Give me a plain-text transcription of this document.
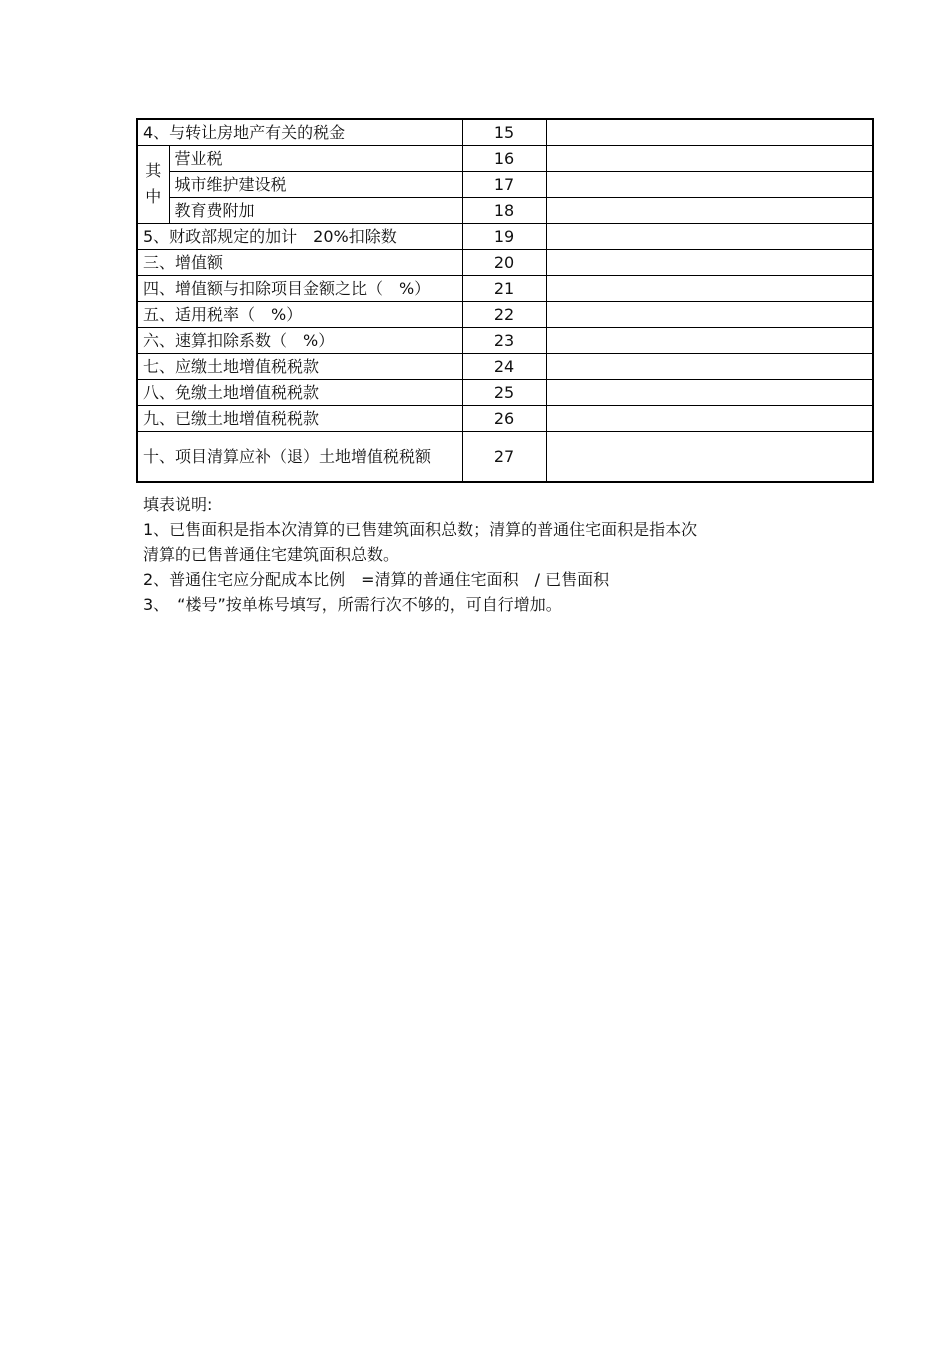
4、与转让房地产有关的税金		15	
其中	营业税	16	
	城市维护建设税	17	
	教育费附加	18	
5、财政部规定的加计　20%扣除数		19	
三、增值额		20	
四、增值额与扣除项目金额之比（　%）		21	
五、适用税率（　%）		22	
六、速算扣除系数（　%）		23	
七、应缴土地增值税税款		24	
八、免缴土地增值税税款		25	
九、已缴土地增值税税款		26	
十、项目清算应补（退）土地增值税税额		27	

填表说明:

1、已售面积是指本次清算的已售建筑面积总数；清算的普通住宅面积是指本次

清算的已售普通住宅建筑面积总数。

2、普通住宅应分配成本比例　=清算的普通住宅面积　/ 已售面积

3、　“楼号”按单栋号填写，所需行次不够的，可自行增加。
